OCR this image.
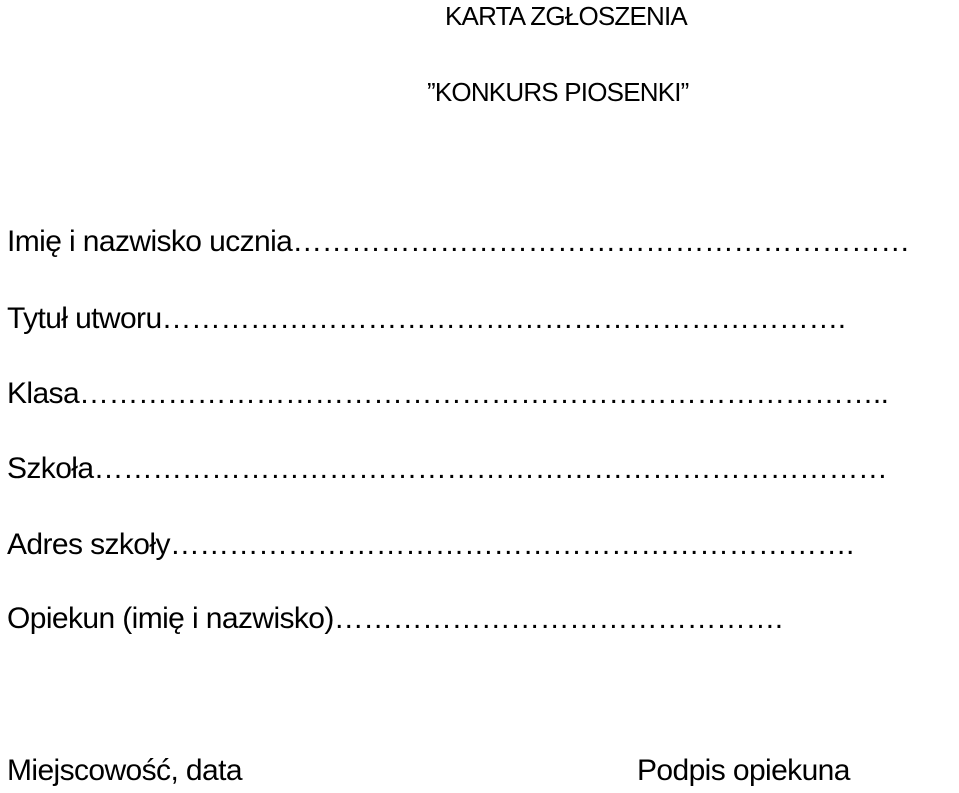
KARTA ZGŁOSZENIA
”KONKURS PIOSENKI”
Imię i nazwisko ucznia………………………………………………………
Tytuł utworu…………………………………………………………….
Klasa………………………………………………………………………..
Szkoła………………………………………………………………………
Adres szkoły…………………………………………………………….
Opiekun (imię i nazwisko)……………………………………….
Miejscowość, data	Podpis opiekuna
